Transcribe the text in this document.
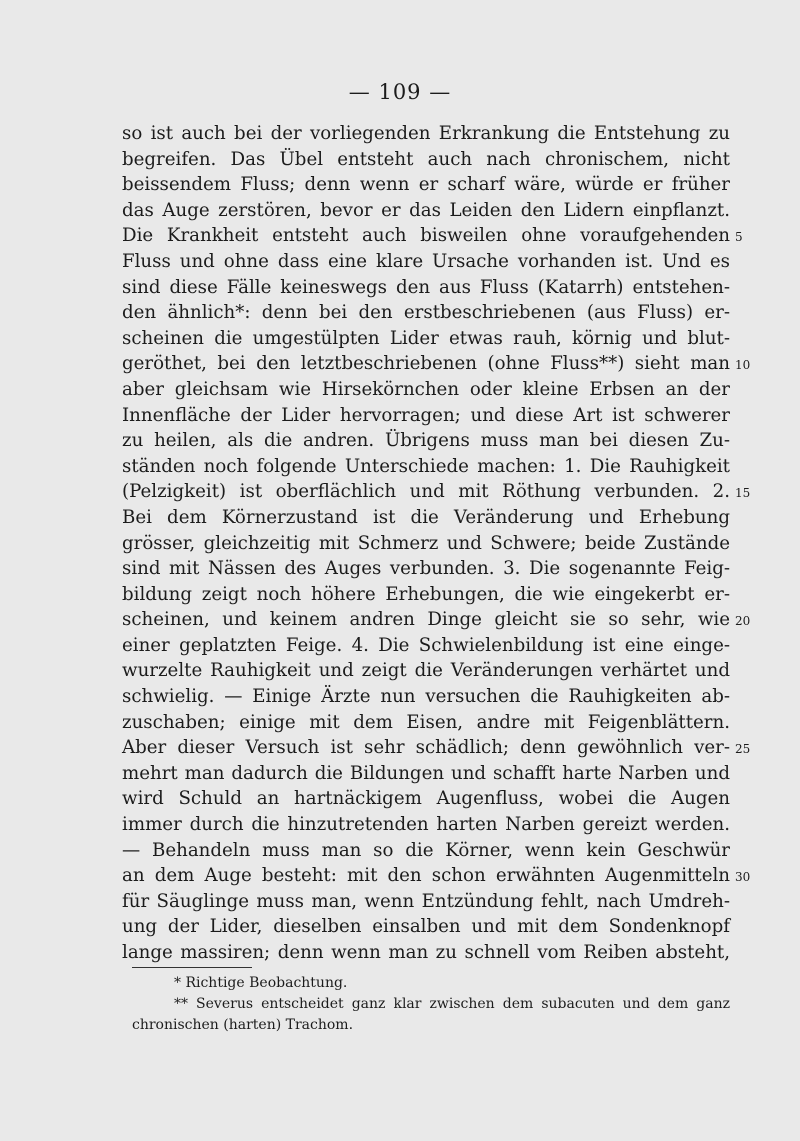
— 109 —
so ist auch bei der vorliegenden Erkrankung die Entstehung zu
begreifen. Das Übel entsteht auch nach chronischem, nicht
beissendem Fluss; denn wenn er scharf wäre, würde er früher
das Auge zerstören, bevor er das Leiden den Lidern einpflanzt.
Die Krankheit entsteht auch bisweilen ohne voraufgehenden 5
Fluss und ohne dass eine klare Ursache vorhanden ist. Und es
sind diese Fälle keineswegs den aus Fluss (Katarrh) entstehen-
den ähnlich*: denn bei den erstbeschriebenen (aus Fluss) er-
scheinen die umgestülpten Lider etwas rauh, körnig und blut-
geröthet, bei den letztbeschriebenen (ohne Fluss**) sieht man 10
aber gleichsam wie Hirsekörnchen oder kleine Erbsen an der
Innenfläche der Lider hervorragen; und diese Art ist schwerer
zu heilen, als die andren. Übrigens muss man bei diesen Zu-
ständen noch folgende Unterschiede machen: 1. Die Rauhigkeit
(Pelzigkeit) ist oberflächlich und mit Röthung verbunden. 2. 15
Bei dem Körnerzustand ist die Veränderung und Erhebung
grösser, gleichzeitig mit Schmerz und Schwere; beide Zustände
sind mit Nässen des Auges verbunden. 3. Die sogenannte Feig-
bildung zeigt noch höhere Erhebungen, die wie eingekerbt er-
scheinen, und keinem andren Dinge gleicht sie so sehr, wie 20
einer geplatzten Feige. 4. Die Schwielenbildung ist eine einge-
wurzelte Rauhigkeit und zeigt die Veränderungen verhärtet und
schwielig. — Einige Ärzte nun versuchen die Rauhigkeiten ab-
zuschaben; einige mit dem Eisen, andre mit Feigenblättern.
Aber dieser Versuch ist sehr schädlich; denn gewöhnlich ver- 25
mehrt man dadurch die Bildungen und schafft harte Narben und
wird Schuld an hartnäckigem Augenfluss, wobei die Augen
immer durch die hinzutretenden harten Narben gereizt werden.
— Behandeln muss man so die Körner, wenn kein Geschwür
an dem Auge besteht: mit den schon erwähnten Augenmitteln 30
für Säuglinge muss man, wenn Entzündung fehlt, nach Umdreh-
ung der Lider, dieselben einsalben und mit dem Sondenknopf
lange massiren; denn wenn man zu schnell vom Reiben absteht,
* Richtige Beobachtung.
** Severus entscheidet ganz klar zwischen dem subacuten und dem ganz chronischen (harten) Trachom.
